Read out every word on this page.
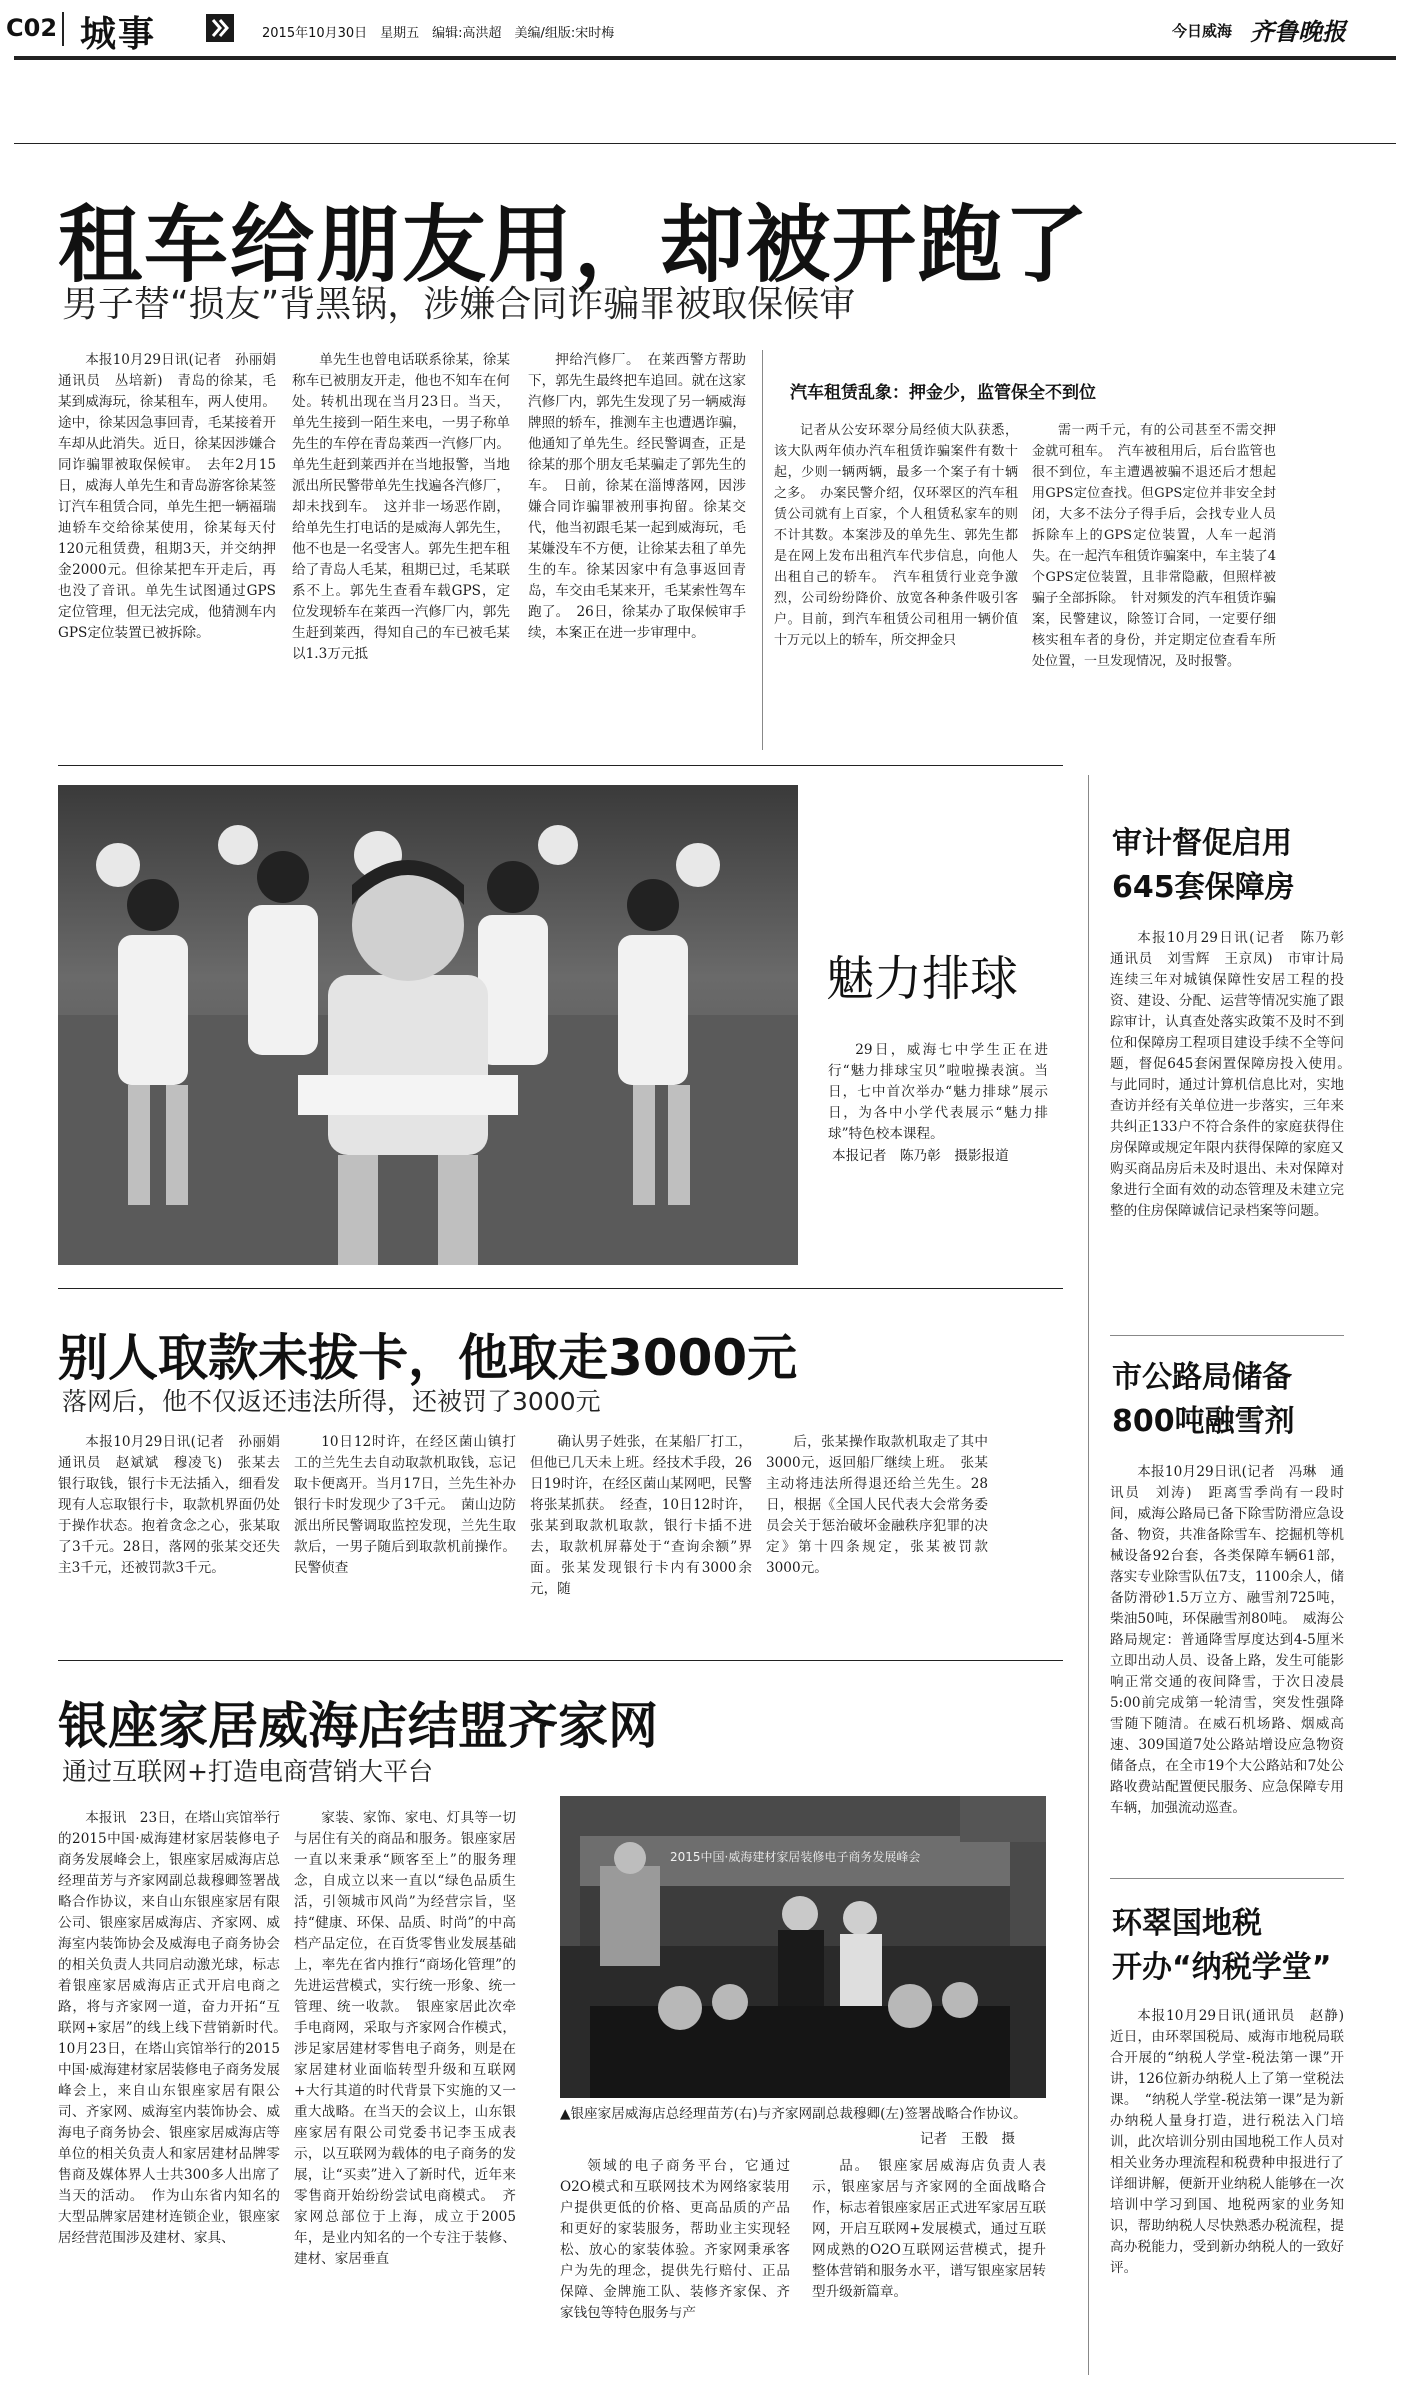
C02 城事	2015年10月30日　星期五　编辑:高洪超　美编/组版:宋时梅	今日威海 齐鲁晚报
租车给朋友用，却被开跑了
男子替“损友”背黑锅，涉嫌合同诈骗罪被取保候审

本报10月29日讯(记者　孙丽娟　通讯员　丛培新)　青岛的徐某，毛某到威海玩，徐某租车，两人使用。途中，徐某因急事回青，毛某接着开车却从此消失。近日，徐某因涉嫌合同诈骗罪被取保候审。　去年2月15日，威海人单先生和青岛游客徐某签订汽车租赁合同，单先生把一辆福瑞迪轿车交给徐某使用，徐某每天付120元租赁费，租期3天，并交纳押金2000元。但徐某把车开走后，再也没了音讯。单先生试图通过GPS定位管理，但无法完成，他猜测车内GPS定位装置已被拆除。

单先生也曾电话联系徐某，徐某称车已被朋友开走，他也不知车在何处。转机出现在当月23日。当天，单先生接到一陌生来电，一男子称单先生的车停在青岛莱西一汽修厂内。单先生赶到莱西并在当地报警，当地派出所民警带单先生找遍各汽修厂，却未找到车。　这并非一场恶作剧，给单先生打电话的是威海人郭先生，他不也是一名受害人。郭先生把车租给了青岛人毛某，租期已过，毛某联系不上。郭先生查看车载GPS，定位发现轿车在莱西一汽修厂内，郭先生赶到莱西，得知自己的车已被毛某以1.3万元抵

押给汽修厂。　在莱西警方帮助下，郭先生最终把车追回。就在这家汽修厂内，郭先生发现了另一辆威海牌照的轿车，推测车主也遭遇诈骗，他通知了单先生。经民警调查，正是徐某的那个朋友毛某骗走了郭先生的车。　日前，徐某在淄博落网，因涉嫌合同诈骗罪被刑事拘留。徐某交代，他当初跟毛某一起到威海玩，毛某嫌没车不方便，让徐某去租了单先生的车。徐某因家中有急事返回青岛，车交由毛某来开，毛某索性驾车跑了。　26日，徐某办了取保候审手续，本案正在进一步审理中。

汽车租赁乱象：押金少，监管保全不到位

记者从公安环翠分局经侦大队获悉，该大队两年侦办汽车租赁诈骗案件有数十起，少则一辆两辆，最多一个案子有十辆之多。　办案民警介绍，仅环翠区的汽车租赁公司就有上百家，个人租赁私家车的则不计其数。本案涉及的单先生、郭先生都是在网上发布出租汽车代步信息，向他人出租自己的轿车。　汽车租赁行业竞争激烈，公司纷纷降价、放宽各种条件吸引客户。目前，到汽车租赁公司租用一辆价值十万元以上的轿车，所交押金只

需一两千元，有的公司甚至不需交押金就可租车。　汽车被租用后，后台监管也很不到位，车主遭遇被骗不退还后才想起用GPS定位查找。但GPS定位并非安全封闭，大多不法分子得手后，会找专业人员拆除车上的GPS定位装置，人车一起消失。在一起汽车租赁诈骗案中，车主装了4个GPS定位装置，且非常隐蔽，但照样被骗子全部拆除。　针对频发的汽车租赁诈骗案，民警建议，除签订合同，一定要仔细核实租车者的身份，并定期定位查看车所处位置，一旦发现情况，及时报警。

魅力排球

29日，威海七中学生正在进行“魅力排球宝贝”啦啦操表演。当日，七中首次举办“魅力排球”展示日，为各中小学代表展示“魅力排球”特色校本课程。

本报记者　陈乃彰　摄影报道
审计督促启用
645套保障房

本报10月29日讯(记者　陈乃彰　通讯员　刘雪辉　王京凤)　市审计局连续三年对城镇保障性安居工程的投资、建设、分配、运营等情况实施了跟踪审计，认真查处落实政策不及时不到位和保障房工程项目建设手续不全等问题，督促645套闲置保障房投入使用。　与此同时，通过计算机信息比对，实地查访并经有关单位进一步落实，三年来共纠正133户不符合条件的家庭获得住房保障或规定年限内获得保障的家庭又购买商品房后未及时退出、未对保障对象进行全面有效的动态管理及未建立完整的住房保障诚信记录档案等问题。

市公路局储备
800吨融雪剂

本报10月29日讯(记者　冯琳　通讯员　刘涛)　距离雪季尚有一段时间，威海公路局已备下除雪防滑应急设备、物资，共准备除雪车、挖掘机等机械设备92台套，各类保障车辆61部，落实专业除雪队伍7支，1100余人，储备防滑砂1.5万立方、融雪剂725吨，柴油50吨，环保融雪剂80吨。　威海公路局规定：普通降雪厚度达到4-5厘米立即出动人员、设备上路，发生可能影响正常交通的夜间降雪，于次日凌晨5:00前完成第一轮清雪，突发性强降雪随下随清。在威石机场路、烟威高速、309国道7处公路站增设应急物资储备点，在全市19个大公路站和7处公路收费站配置便民服务、应急保障专用车辆，加强流动巡查。

环翠国地税
开办“纳税学堂”

本报10月29日讯(通讯员　赵静)　近日，由环翠国税局、威海市地税局联合开展的“纳税人学堂-税法第一课”开讲，126位新办纳税人上了第一堂税法课。　“纳税人学堂-税法第一课”是为新办纳税人量身打造，进行税法入门培训，此次培训分别由国地税工作人员对相关业务办理流程和税费种申报进行了详细讲解，便新开业纳税人能够在一次培训中学习到国、地税两家的业务知识，帮助纳税人尽快熟悉办税流程，提高办税能力，受到新办纳税人的一致好评。

别人取款未拔卡，他取走3000元
落网后，他不仅返还违法所得，还被罚了3000元

本报10月29日讯(记者　孙丽娟　通讯员　赵斌斌　穆凌飞)　张某去银行取钱，银行卡无法插入，细看发现有人忘取银行卡，取款机界面仍处于操作状态。抱着贪念之心，张某取了3千元。28日，落网的张某交还失主3千元，还被罚款3千元。

10日12时许，在经区菌山镇打工的兰先生去自动取款机取钱，忘记取卡便离开。当月17日，兰先生补办银行卡时发现少了3千元。　菌山边防派出所民警调取监控发现，兰先生取款后，一男子随后到取款机前操作。民警侦查

确认男子姓张，在某船厂打工，但他已几天未上班。经技术手段，26日19时许，在经区菌山某网吧，民警将张某抓获。　经查，10日12时许，张某到取款机取款，银行卡插不进去，取款机屏幕处于“查询余额”界面。张某发现银行卡内有3000余元，随

后，张某操作取款机取走了其中3000元，返回船厂继续上班。　张某主动将违法所得退还给兰先生。28日，根据《全国人民代表大会常务委员会关于惩治破坏金融秩序犯罪的决定》第十四条规定，张某被罚款3000元。

银座家居威海店结盟齐家网
通过互联网+打造电商营销大平台

本报讯　23日，在塔山宾馆举行的2015中国·威海建材家居装修电子商务发展峰会上，银座家居威海店总经理苗芳与齐家网副总裁穆卿签署战略合作协议，来自山东银座家居有限公司、银座家居威海店、齐家网、威海室内装饰协会及威海电子商务协会的相关负责人共同启动激光球，标志着银座家居威海店正式开启电商之路，将与齐家网一道，奋力开拓“互联网+家居”的线上线下营销新时代。　10月23日，在塔山宾馆举行的2015中国·威海建材家居装修电子商务发展峰会上，来自山东银座家居有限公司、齐家网、威海室内装饰协会、威海电子商务协会、银座家居威海店等单位的相关负责人和家居建材品牌零售商及媒体界人士共300多人出席了当天的活动。　作为山东省内知名的大型品牌家居建材连锁企业，银座家居经营范围涉及建材、家具、

家装、家饰、家电、灯具等一切与居住有关的商品和服务。银座家居一直以来秉承“顾客至上”的服务理念，自成立以来一直以“绿色品质生活，引领城市风尚”为经营宗旨，坚持“健康、环保、品质、时尚”的中高档产品定位，在百货零售业发展基础上，率先在省内推行“商场化管理”的先进运营模式，实行统一形象、统一管理、统一收款。　银座家居此次牵手电商网，采取与齐家网合作模式，涉足家居建材零售电子商务，则是在家居建材业面临转型升级和互联网+大行其道的时代背景下实施的又一重大战略。在当天的会议上，山东银座家居有限公司党委书记李玉成表示，以互联网为载体的电子商务的发展，让“买卖”进入了新时代，近年来零售商开始纷纷尝试电商模式。　齐家网总部位于上海，成立于2005年，是业内知名的一个专注于装修、建材、家居垂直

2015中国·威海建材家居装修电子商务发展峰会

▲银座家居威海店总经理苗芳(右)与齐家网副总裁穆卿(左)签署战略合作协议。

记者　王骰　摄

领域的电子商务平台，它通过O2O模式和互联网技术为网络家装用户提供更低的价格、更高品质的产品和更好的家装服务，帮助业主实现轻松、放心的家装体验。齐家网秉承客户为先的理念，提供先行赔付、正品保障、金牌施工队、装修齐家保、齐家钱包等特色服务与产

品。　银座家居威海店负责人表示，银座家居与齐家网的全面战略合作，标志着银座家居正式进军家居互联网，开启互联网+发展模式，通过互联网成熟的O2O互联网运营模式，提升整体营销和服务水平，谱写银座家居转型升级新篇章。
